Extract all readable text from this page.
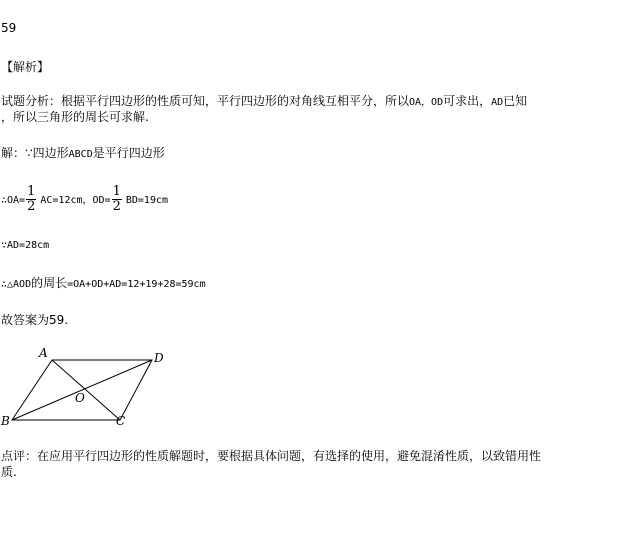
59
【解析】
试题分析：根据平行四边形的性质可知，平行四边形的对角线互相平分，所以OA，OD可求出，AD已知
，所以三角形的周长可求解.
解：∵四边形ABCD是平行四边形
∴OA= $\frac{1}{2} AC=12cm$，$OD= \frac{1}{2} BD=19cm$
∵AD=28cm
∴△AOD的周长=OA+OD+AD=12+19+28=59cm
故答案为59.
A	D
B	C
O
点评：在应用平行四边形的性质解题时，要根据具体问题，有选择的使用，避免混淆性质，以致错用性
质.
